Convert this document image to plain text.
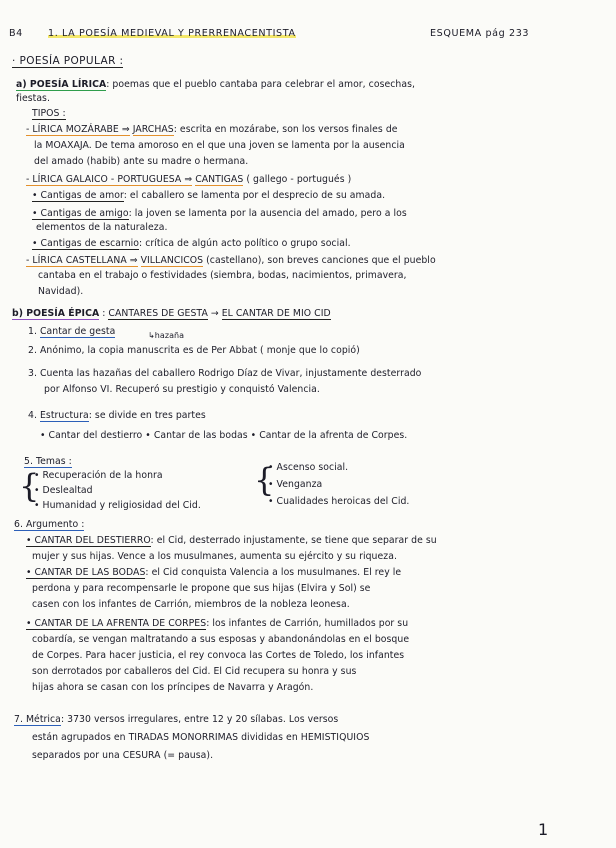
B4	1. LA POESÍA MEDIEVAL Y PRERRENACENTISTA	ESQUEMA pág 233
· POESÍA POPULAR :
a) POESÍA LÍRICA: poemas que el pueblo cantaba para celebrar el amor, cosechas,
fiestas.
TIPOS :
- LÍRICA MOZÁRABE ⇒ JARCHAS: escrita en mozárabe, son los versos finales de
la MOAXAJA. De tema amoroso en el que una joven se lamenta por la ausencia
del amado (habib) ante su madre o hermana.
- LÍRICA GALAICO - PORTUGUESA ⇒ CANTIGAS ( gallego - portugués )
• Cantigas de amor: el caballero se lamenta por el desprecio de su amada.
• Cantigas de amigo: la joven se lamenta por la ausencia del amado, pero a los
elementos de la naturaleza.
• Cantigas de escarnio: crítica de algún acto político o grupo social.
- LÍRICA CASTELLANA ⇒ VILLANCICOS (castellano), son breves canciones que el pueblo
cantaba en el trabajo o festividades (siembra, bodas, nacimientos, primavera,
Navidad).
b) POESÍA ÉPICA : CANTARES DE GESTA → EL CANTAR DE MIO CID
1. Cantar de gesta	↳hazaña
2. Anónimo, la copia manuscrita es de Per Abbat ( monje que lo copió)
3. Cuenta las hazañas del caballero Rodrigo Díaz de Vivar, injustamente desterrado
por Alfonso VI. Recuperó su prestigio y conquistó Valencia.
4. Estructura: se divide en tres partes
• Cantar del destierro • Cantar de las bodas • Cantar de la afrenta de Corpes.
5. Temas :
{
• Recuperación de la honra
• Deslealtad
• Humanidad y religiosidad del Cid.
{
• Ascenso social.
• Venganza
• Cualidades heroicas del Cid.
6. Argumento :
• CANTAR DEL DESTIERRO: el Cid, desterrado injustamente, se tiene que separar de su
mujer y sus hijas. Vence a los musulmanes, aumenta su ejército y su riqueza.
• CANTAR DE LAS BODAS: el Cid conquista Valencia a los musulmanes. El rey le
perdona y para recompensarle le propone que sus hijas (Elvira y Sol) se
casen con los infantes de Carrión, miembros de la nobleza leonesa.
• CANTAR DE LA AFRENTA DE CORPES: los infantes de Carrión, humillados por su
cobardía, se vengan maltratando a sus esposas y abandonándolas en el bosque
de Corpes. Para hacer justicia, el rey convoca las Cortes de Toledo, los infantes
son derrotados por caballeros del Cid. El Cid recupera su honra y sus
hijas ahora se casan con los príncipes de Navarra y Aragón.
7. Métrica: 3730 versos irregulares, entre 12 y 20 sílabas. Los versos
están agrupados en TIRADAS MONORRIMAS divididas en HEMISTIQUIOS
separados por una CESURA (= pausa).
1
